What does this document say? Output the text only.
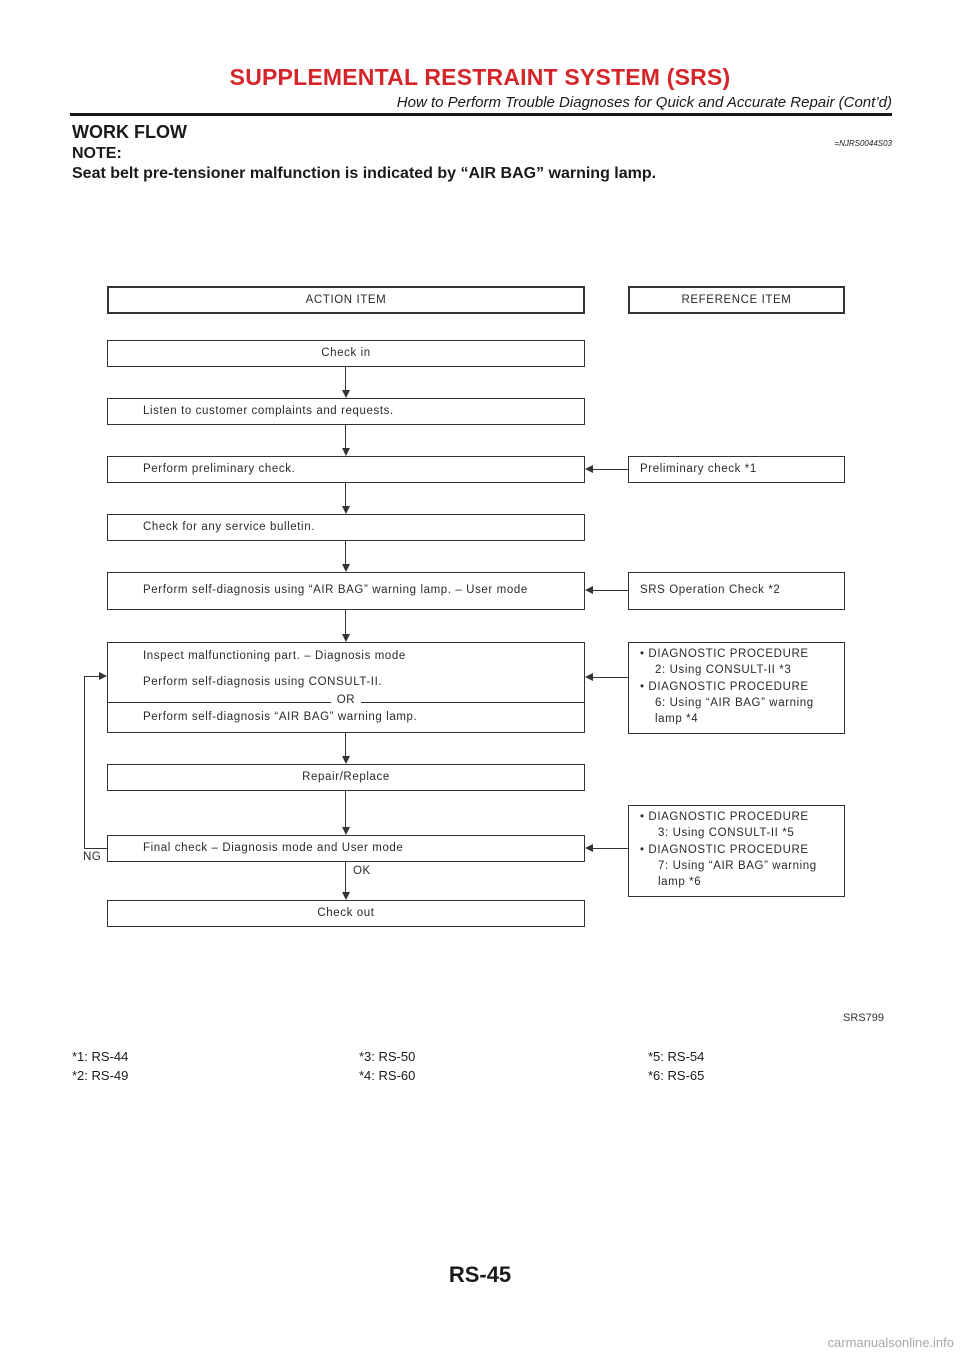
SUPPLEMENTAL RESTRAINT SYSTEM (SRS)
How to Perform Trouble Diagnoses for Quick and Accurate Repair (Cont’d)
WORK FLOW
=NJRS0044S03
NOTE:
Seat belt pre-tensioner malfunction is indicated by “AIR BAG” warning lamp.
ACTION ITEM	REFERENCE ITEM
Check in
Listen to customer complaints and requests.
Perform preliminary check.
Check for any service bulletin.
Perform self-diagnosis using “AIR BAG” warning lamp. – User mode
Inspect malfunctioning part. – Diagnosis mode
Perform self-diagnosis using CONSULT-II.
OR
Perform self-diagnosis “AIR BAG” warning lamp.
Repair/Replace
Final check – Diagnosis mode and User mode
Check out
OK
NG
Preliminary check *1
SRS Operation Check *2
• DIAGNOSTIC PROCEDURE
2: Using CONSULT-II *3
• DIAGNOSTIC PROCEDURE
6: Using “AIR BAG” warning
lamp *4
• DIAGNOSTIC PROCEDURE
3: Using CONSULT-II *5
• DIAGNOSTIC PROCEDURE
7: Using “AIR BAG” warning
lamp *6
SRS799
*1: RS-44	*3: RS-50	*5: RS-54
*2: RS-49	*4: RS-60	*6: RS-65
RS-45
carmanualsonline.info
